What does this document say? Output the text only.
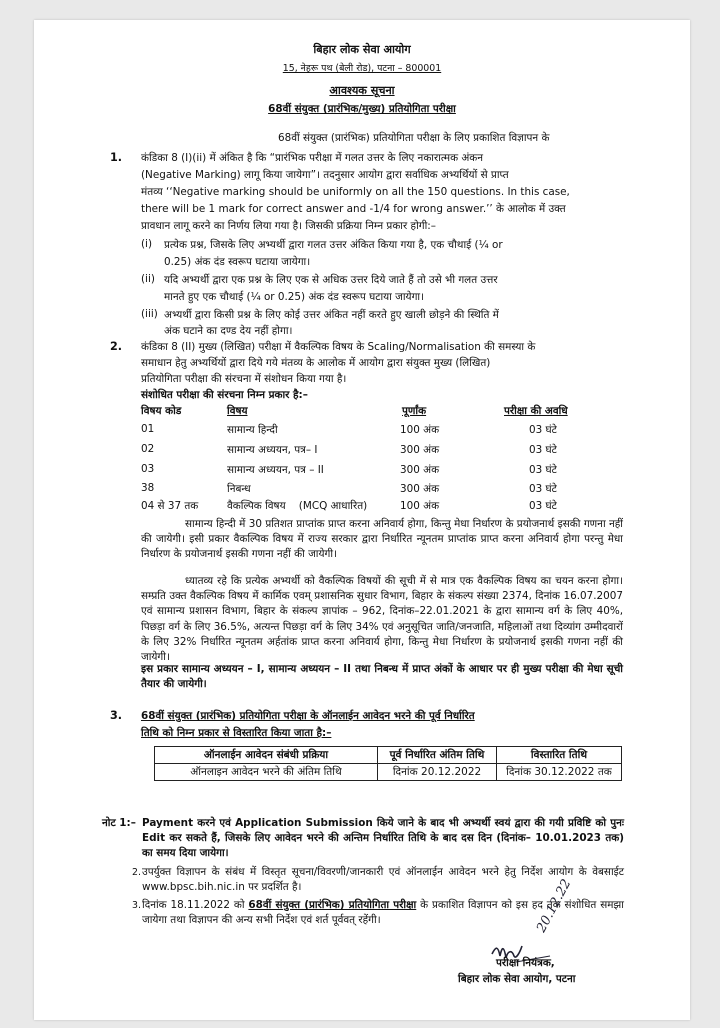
बिहार लोक सेवा आयोग
15, नेहरू पथ (बेली रोड), पटना – 800001
आवश्यक सूचना
68वीं संयुक्त (प्रारंभिक/मुख्य) प्रतियोगिता परीक्षा
68वीं संयुक्त (प्रारंभिक) प्रतियोगिता परीक्षा के लिए प्रकाशित विज्ञापन के
1. कंडिका 8 (I)(ii) में अंकित है कि “प्रारंभिक परीक्षा में गलत उत्तर के लिए नकारात्मक अंकन
(Negative Marking) लागू किया जायेगा”। तदनुसार आयोग द्वारा सर्वाधिक अभ्यर्थियों से प्राप्त
मंतव्य ‘‘Negative marking should be uniformly on all the 150 questions. In this case,
there will be 1 mark for correct answer and -1/4 for wrong answer.’’ के आलोक में उक्त
प्रावधान लागू करने का निर्णय लिया गया है। जिसकी प्रक्रिया निम्न प्रकार होगी:–
(i) प्रत्येक प्रश्न, जिसके लिए अभ्यर्थी द्वारा गलत उत्तर अंकित किया गया है, एक चौथाई (¼ or
0.25) अंक दंड स्वरूप घटाया जायेगा।
(ii) यदि अभ्यर्थी द्वारा एक प्रश्न के लिए एक से अधिक उत्तर दिये जाते हैं तो उसे भी गलत उत्तर
मानते हुए एक चौथाई (¼ or 0.25) अंक दंड स्वरूप घटाया जायेगा।
(iii) अभ्यर्थी द्वारा किसी प्रश्न के लिए कोई उत्तर अंकित नहीं करते हुए खाली छोड़ने की स्थिति में
अंक घटाने का दण्ड देय नहीं होगा।
2. कंडिका 8 (II) मुख्य (लिखित) परीक्षा में वैकल्पिक विषय के Scaling/Normalisation की समस्या के
समाधान हेतु अभ्यर्थियों द्वारा दिये गये मंतव्य के आलोक में आयोग द्वारा संयुक्त मुख्य (लिखित)
प्रतियोगिता परीक्षा की संरचना में संशोधन किया गया है।
संशोधित परीक्षा की संरचना निम्न प्रकार है:–
विषय कोड	विषय	पूर्णांक	परीक्षा की अवधि
01	सामान्य हिन्दी	100 अंक	03 घंटे
02	सामान्य अध्ययन, पत्र– I	300 अंक	03 घंटे
03	सामान्य अध्ययन, पत्र – II	300 अंक	03 घंटे
38	निबन्ध	300 अंक	03 घंटे
04 से 37 तक	वैकल्पिक विषय    (MCQ आधारित)	100 अंक	03 घंटे
सामान्य हिन्दी में 30 प्रतिशत प्राप्तांक प्राप्त करना अनिवार्य होगा, किन्तु मेधा निर्धारण के प्रयोजनार्थ इसकी गणना नहीं की जायेगी। इसी प्रकार वैकल्पिक विषय में राज्य सरकार द्वारा निर्धारित न्यूनतम प्राप्तांक प्राप्त करना अनिवार्य होगा परन्तु मेधा निर्धारण के प्रयोजनार्थ इसकी गणना नहीं की जायेगी।
ध्यातव्य रहे कि प्रत्येक अभ्यर्थी को वैकल्पिक विषयों की सूची में से मात्र एक वैकल्पिक विषय का चयन करना होगा। सम्प्रति उक्त वैकल्पिक विषय में कार्मिक एवम् प्रशासनिक सुधार विभाग, बिहार के संकल्प संख्या 2374, दिनांक 16.07.2007 एवं सामान्य प्रशासन विभाग, बिहार के संकल्प ज्ञापांक – 962, दिनांक–22.01.2021 के द्वारा सामान्य वर्ग के लिए 40%, पिछड़ा वर्ग के लिए 36.5%, अत्यन्त पिछड़ा वर्ग के लिए 34% एवं अनुसूचित जाति/जनजाति, महिलाओं तथा दिव्यांग उम्मीदवारों के लिए 32% निर्धारित न्यूनतम अर्हतांक प्राप्त करना अनिवार्य होगा, किन्तु मेधा निर्धारण के प्रयोजनार्थ इसकी गणना नहीं की जायेगी।
इस प्रकार सामान्य अध्ययन – I, सामान्य अध्ययन – II तथा निबन्ध में प्राप्त अंकों के आधार पर ही मुख्य परीक्षा की मेधा सूची तैयार की जायेगी।
3. 68वीं संयुक्त (प्रारंभिक) प्रतियोगिता परीक्षा के ऑनलाईन आवेदन भरने की पूर्व निर्धारित
तिथि को निम्न प्रकार से विस्तारित किया जाता है:–
ऑनलाईन आवेदन संबंधी प्रक्रिया	पूर्व निर्धारित अंतिम तिथि	विस्तारित तिथि
ऑनलाइन आवेदन भरने की अंतिम तिथि	दिनांक 20.12.2022	दिनांक 30.12.2022 तक
नोट 1:– Payment करने एवं Application Submission किये जाने के बाद भी अभ्यर्थी स्वयं द्वारा की गयी प्रविष्टि को पुनः Edit कर सकते हैं, जिसके लिए आवेदन भरने की अन्तिम निर्धारित तिथि के बाद दस दिन (दिनांक– 10.01.2023 तक) का समय दिया जायेगा।
2. उपर्युक्त विज्ञापन के संबंध में विस्तृत सूचना/विवरणी/जानकारी एवं ऑनलाईन आवेदन भरने हेतु निर्देश आयोग के वेबसाईट www.bpsc.bih.nic.in पर प्रदर्शित है।
3. दिनांक 18.11.2022 को 68वीं संयुक्त (प्रारंभिक) प्रतियोगिता परीक्षा के प्रकाशित विज्ञापन को इस हद तक संशोधित समझा जायेगा तथा विज्ञापन की अन्य सभी निर्देश एवं शर्त पूर्ववत् रहेंगी।	20.12.22
परीक्षा नियंत्रक,
बिहार लोक सेवा आयोग, पटना
